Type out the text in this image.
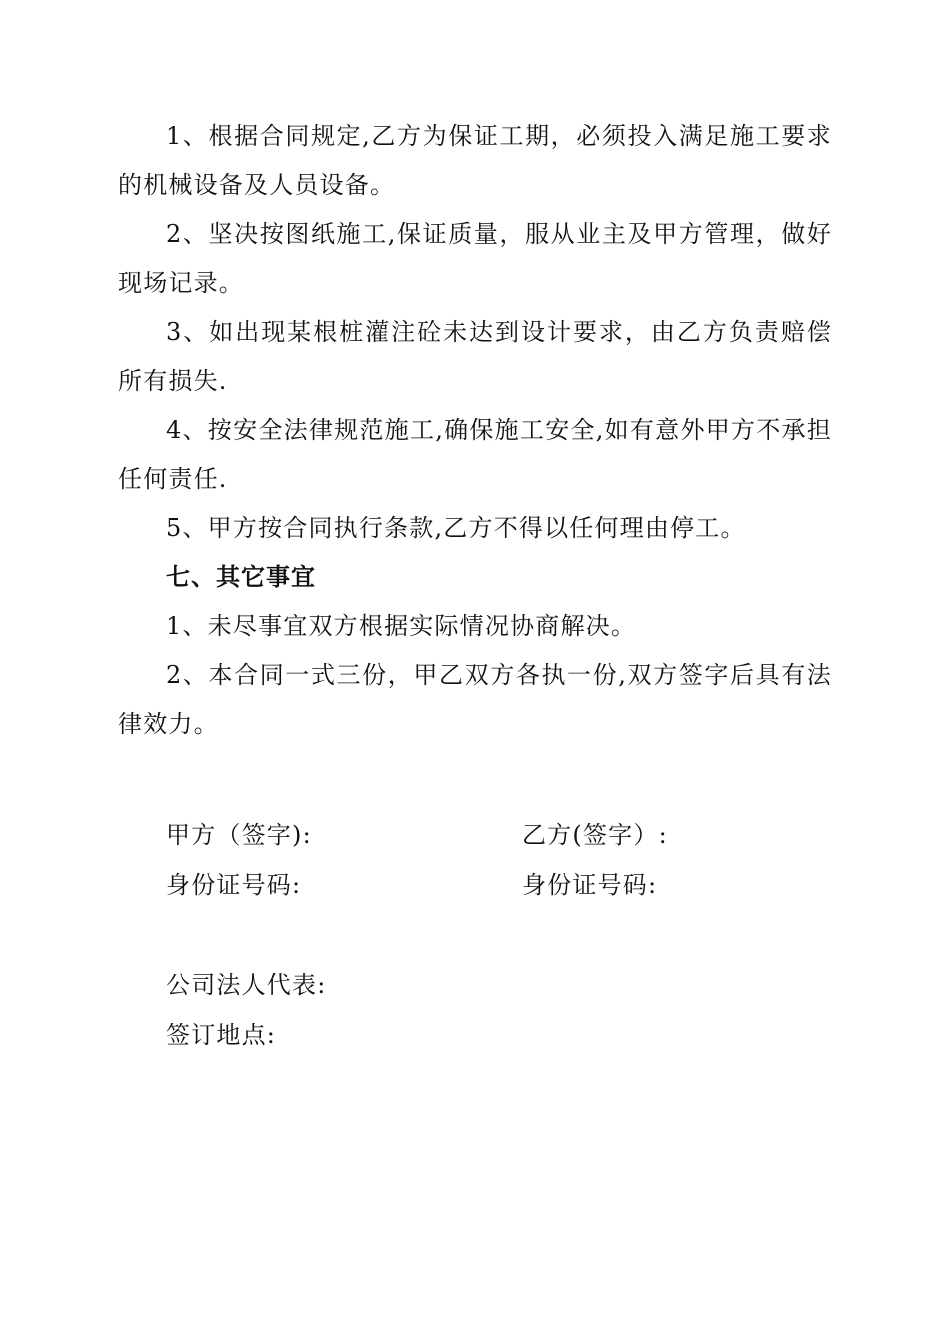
1、根据合同规定,乙方为保证工期，必须投入满足施工要求的机械设备及人员设备。

2、坚决按图纸施工,保证质量，服从业主及甲方管理，做好现场记录。

3、如出现某根桩灌注砼未达到设计要求，由乙方负责赔偿所有损失.

4、按安全法律规范施工,确保施工安全,如有意外甲方不承担任何责任.

5、甲方按合同执行条款,乙方不得以任何理由停工。

七、其它事宜

1、未尽事宜双方根据实际情况协商解决。

2、本合同一式三份，甲乙双方各执一份,双方签字后具有法律效力。

甲方（签字):	乙方(签字）:
身份证号码:	身份证号码:
公司法人代表:
签订地点:
